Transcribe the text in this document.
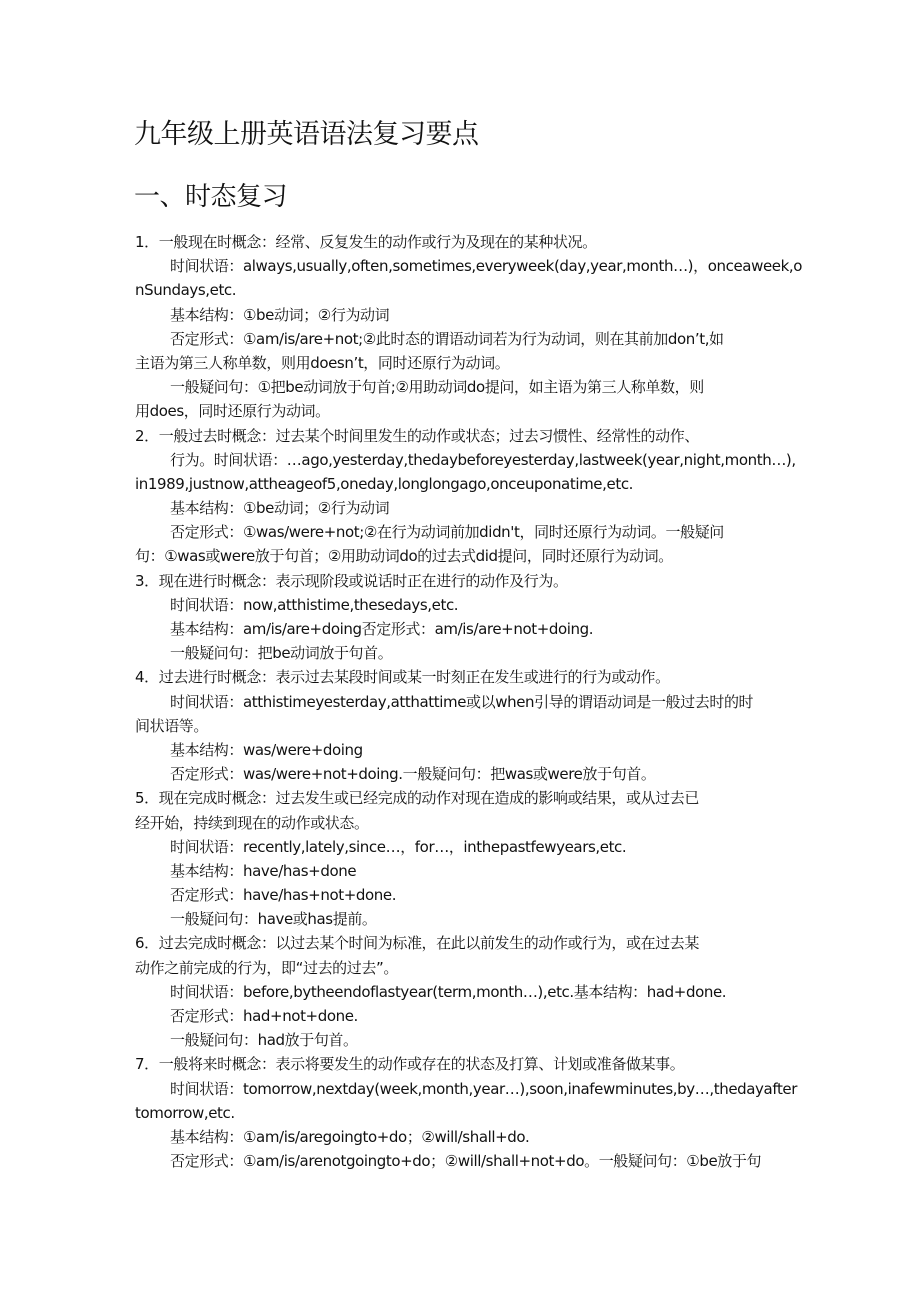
九年级上册英语语法复习要点
一、时态复习
1．一般现在时概念：经常、反复发生的动作或行为及现在的某种状况。
时间状语：always,usually,often,sometimes,everyweek(day,year,month…)，onceaweek,o
nSundays,etc.
基本结构：①be动词；②行为动词
否定形式：①am/is/are+not;②此时态的谓语动词若为行为动词，则在其前加don’t,如
主语为第三人称单数，则用doesn’t，同时还原行为动词。
一般疑问句：①把be动词放于句首;②用助动词do提问，如主语为第三人称单数，则
用does，同时还原行为动词。
2．一般过去时概念：过去某个时间里发生的动作或状态；过去习惯性、经常性的动作、
行为。时间状语：…ago,yesterday,thedaybeforeyesterday,lastweek(year,night,month…),
in1989,justnow,attheageof5,oneday,longlongago,onceuponatime,etc.
基本结构：①be动词；②行为动词
否定形式：①was/were+not;②在行为动词前加didn't，同时还原行为动词。一般疑问
句：①was或were放于句首；②用助动词do的过去式did提问，同时还原行为动词。
3．现在进行时概念：表示现阶段或说话时正在进行的动作及行为。
时间状语：now,atthistime,thesedays,etc.
基本结构：am/is/are+doing否定形式：am/is/are+not+doing.
一般疑问句：把be动词放于句首。
4．过去进行时概念：表示过去某段时间或某一时刻正在发生或进行的行为或动作。
时间状语：atthistimeyesterday,atthattime或以when引导的谓语动词是一般过去时的时
间状语等。
基本结构：was/were+doing
否定形式：was/were+not+doing.一般疑问句：把was或were放于句首。
5．现在完成时概念：过去发生或已经完成的动作对现在造成的影响或结果，或从过去已
经开始，持续到现在的动作或状态。
时间状语：recently,lately,since…，for…，inthepastfewyears,etc.
基本结构：have/has+done
否定形式：have/has+not+done.
一般疑问句：have或has提前。
6．过去完成时概念：以过去某个时间为标准，在此以前发生的动作或行为，或在过去某
动作之前完成的行为，即“过去的过去”。
时间状语：before,bytheendoflastyear(term,month…),etc.基本结构：had+done.
否定形式：had+not+done.
一般疑问句：had放于句首。
7．一般将来时概念：表示将要发生的动作或存在的状态及打算、计划或准备做某事。
时间状语：tomorrow,nextday(week,month,year…),soon,inafewminutes,by…,thedayafter
tomorrow,etc.
基本结构：①am/is/aregoingto+do；②will/shall+do.
否定形式：①am/is/arenotgoingto+do；②will/shall+not+do。一般疑问句：①be放于句
